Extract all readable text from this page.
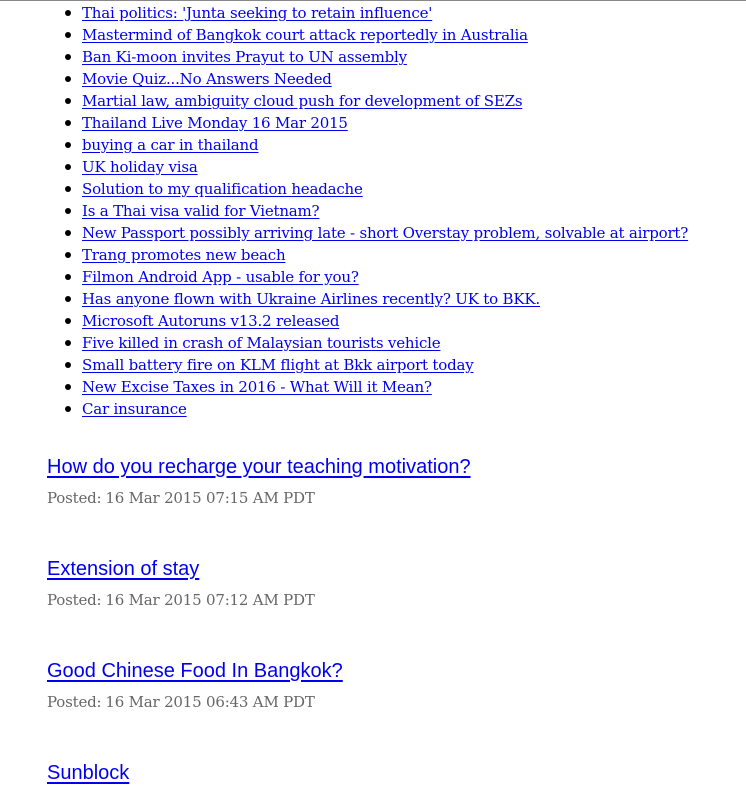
Thai politics: 'Junta seeking to retain influence'
Mastermind of Bangkok court attack reportedly in Australia
Ban Ki-moon invites Prayut to UN assembly
Movie Quiz...No Answers Needed
Martial law, ambiguity cloud push for development of SEZs
Thailand Live Monday 16 Mar 2015
buying a car in thailand
UK holiday visa
Solution to my qualification headache
Is a Thai visa valid for Vietnam?
New Passport possibly arriving late - short Overstay problem, solvable at airport?
Trang promotes new beach
Filmon Android App - usable for you?
Has anyone flown with Ukraine Airlines recently? UK to BKK.
Microsoft Autoruns v13.2 released
Five killed in crash of Malaysian tourists vehicle
Small battery fire on KLM flight at Bkk airport today
New Excise Taxes in 2016 - What Will it Mean?
Car insurance
How do you recharge your teaching motivation?
Posted: 16 Mar 2015 07:15 AM PDT
Extension of stay
Posted: 16 Mar 2015 07:12 AM PDT
Good Chinese Food In Bangkok?
Posted: 16 Mar 2015 06:43 AM PDT
Sunblock
